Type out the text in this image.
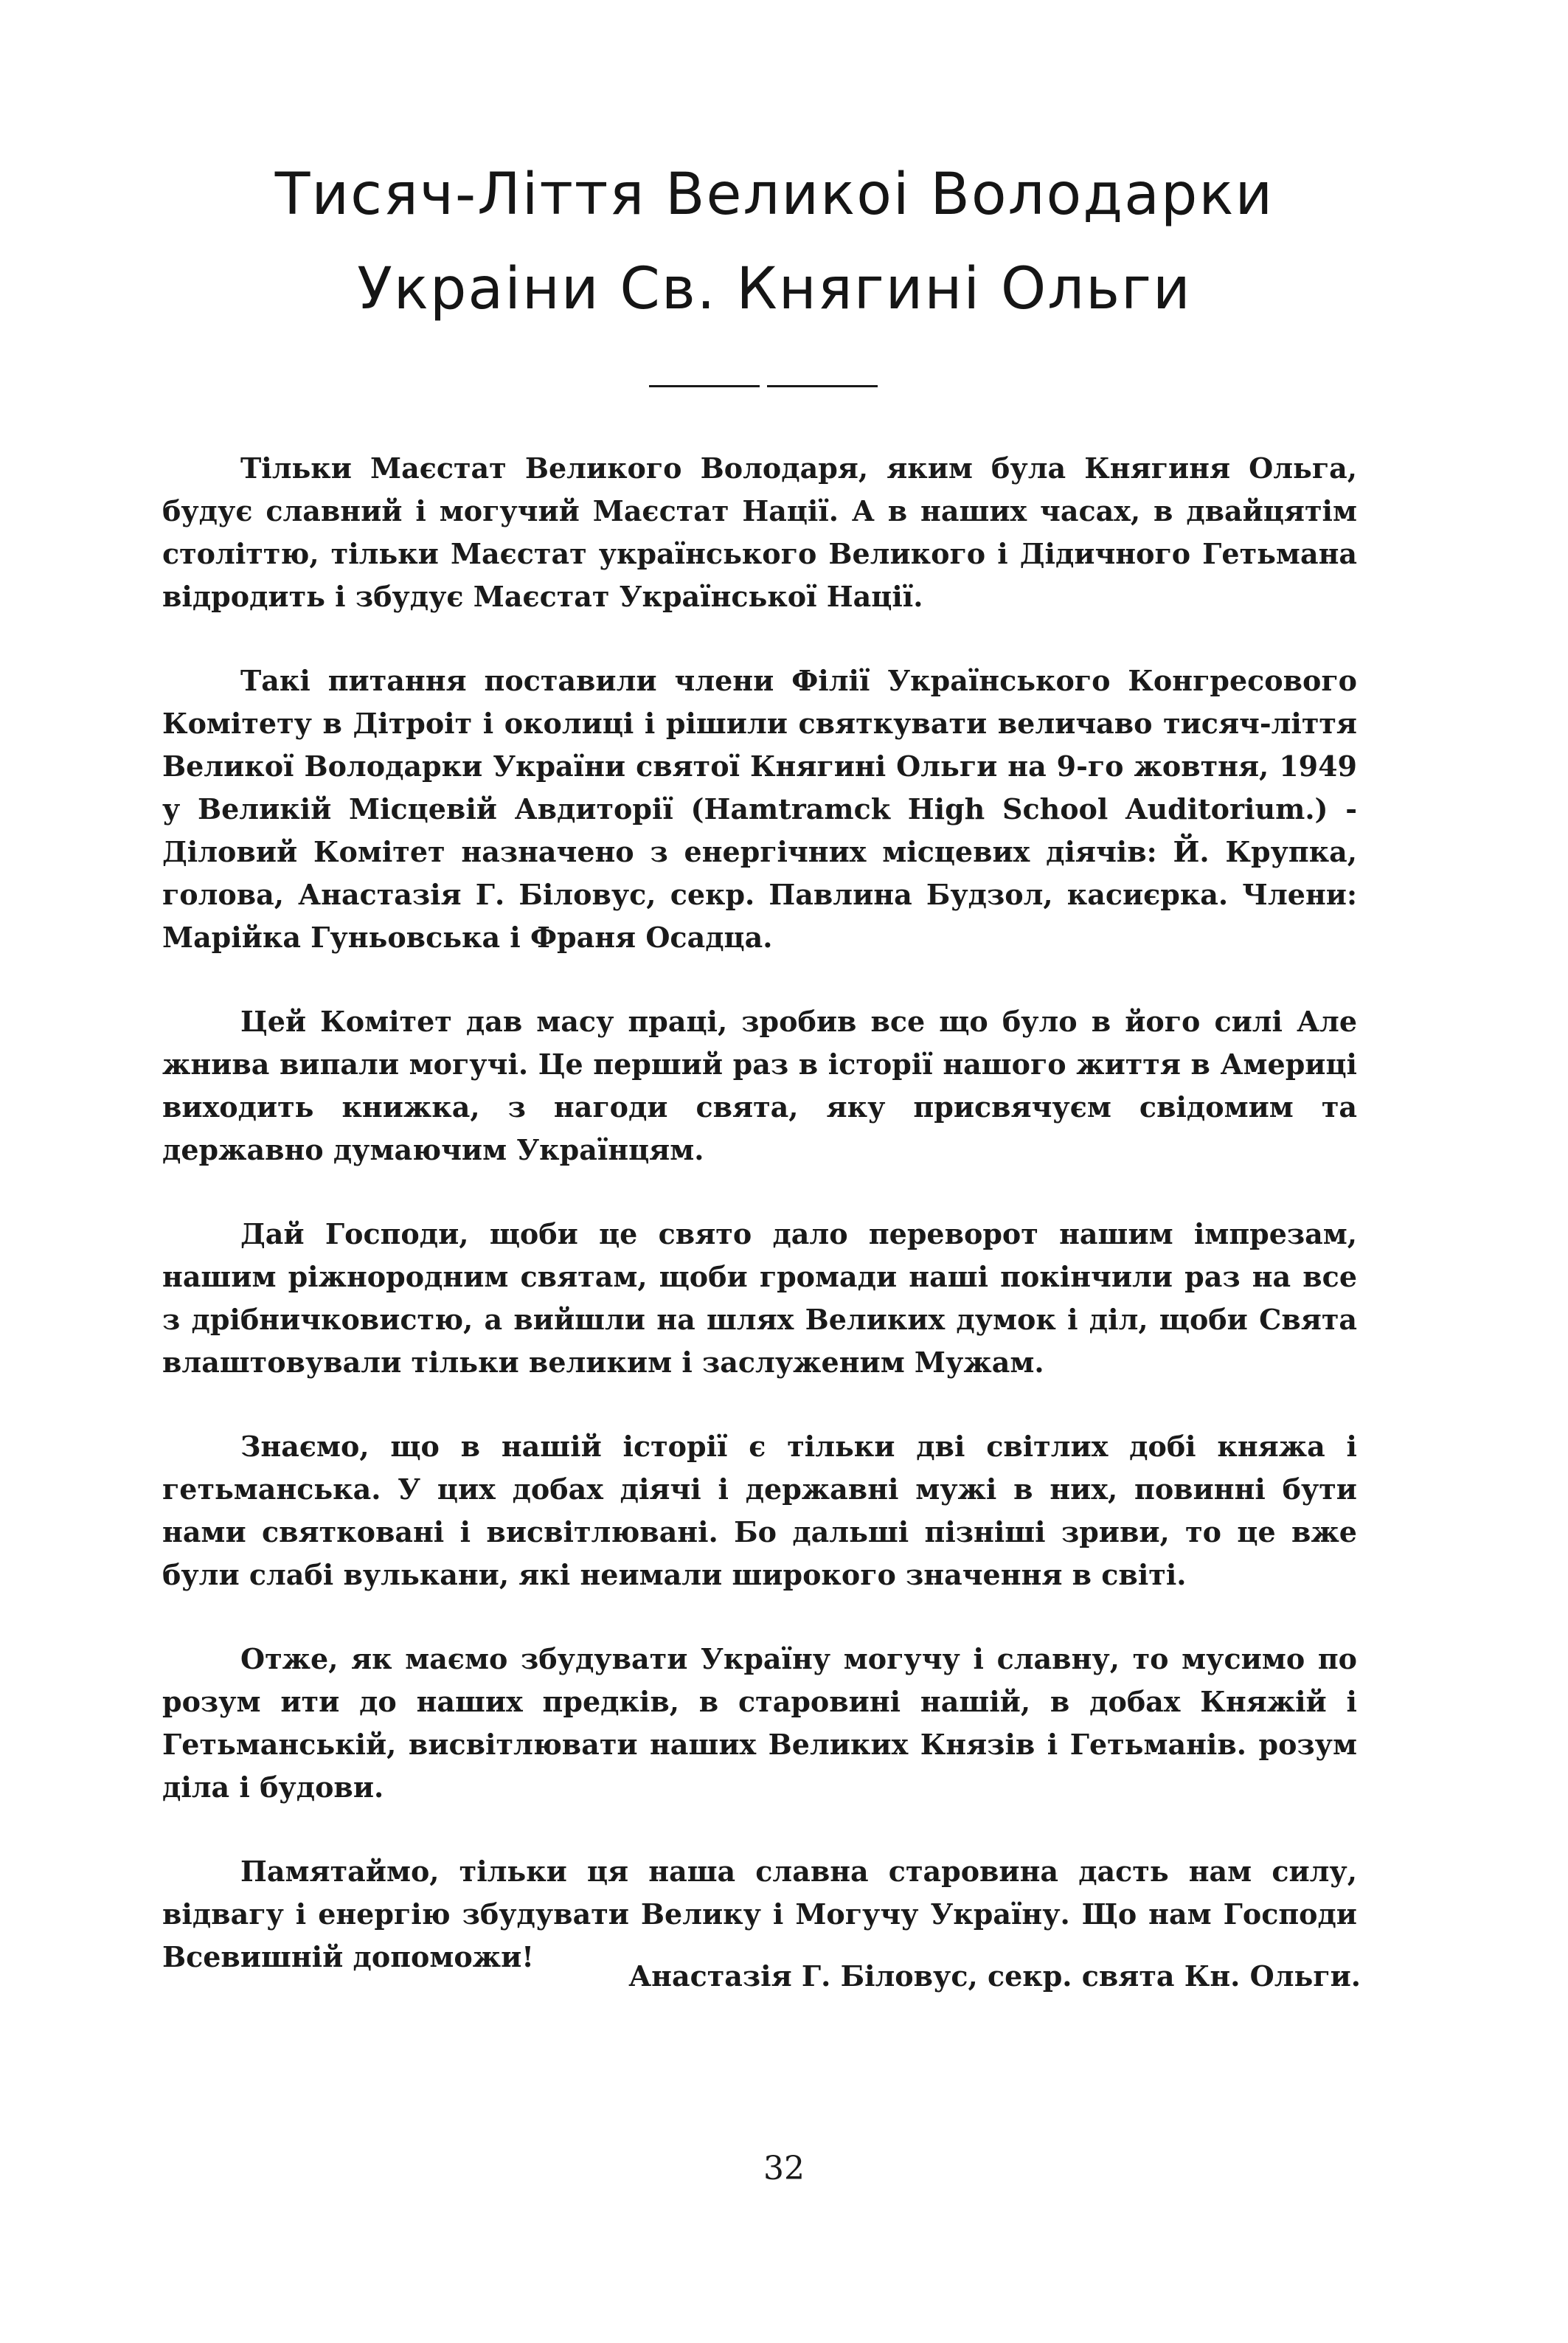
Тисяч-Ліття Великоі Володарки
Украіни Св. Княгині Ольги

Тільки Маєстат Великого Володаря, яким була Княгиня Ольга, будує славний і могучий Маєстат Нації. А в наших часах, в двайцятім століттю, тільки Маєстат українського Великого і Дідичного Гетьмана відродить і збудує Маєстат Української Нації.

Такі питання поставили члени Філії Українського Конгресового Комітету в Дітроіт і околиці і рішили святкувати величаво тисяч-ліття Великої Володарки України святої Княгині Ольги на 9-го жовтня, 1949 у Великій Місцевій Авдиторії (Hamtramck High School Auditorium.) - Діловий Комітет назначено з енергічних місцевих діячів: Й. Крупка, голова, Анастазія Г. Біловус, секр. Павлина Будзол, касиєрка. Члени: Марійка Гуньовська і Франя Осадца.

Цей Комітет дав масу праці, зробив все що було в його силі Але жнива випали могучі. Це перший раз в історії нашого життя в Америці виходить книжка, з нагоди свята, яку присвячуєм свідомим та державно думаючим Українцям.

Дай Господи, щоби це свято дало переворот нашим імпрезам, нашим ріжнородним святам, щоби громади наші покінчили раз на все з дрібничковистю, а вийшли на шлях Великих думок і діл, щоби Свята влаштовували тільки великим і заслуженим Мужам.

Знаємо, що в нашій історії є тільки дві світлих добі княжа і гетьманська. У цих добах діячі і державні мужі в них, повинні бути нами святковані і висвітлювані. Бо дальші пізніші зриви, то це вже були слабі вулькани, які неимали широкого значення в світі.

Отже, як маємо збудувати Україну могучу і славну, то мусимо по розум ити до наших предків, в старовині нашій, в добах Княжій і Гетьманській, висвітлювати наших Великих Князів і Гетьманів. розум діла і будови.

Памятаймо, тільки ця наша славна старовина дасть нам силу, відвагу і енергію збудувати Велику і Могучу Україну. Що нам Господи Всевишній допоможи!

Анастазія Г. Біловус, секр. свята Кн. Ольги.
32
